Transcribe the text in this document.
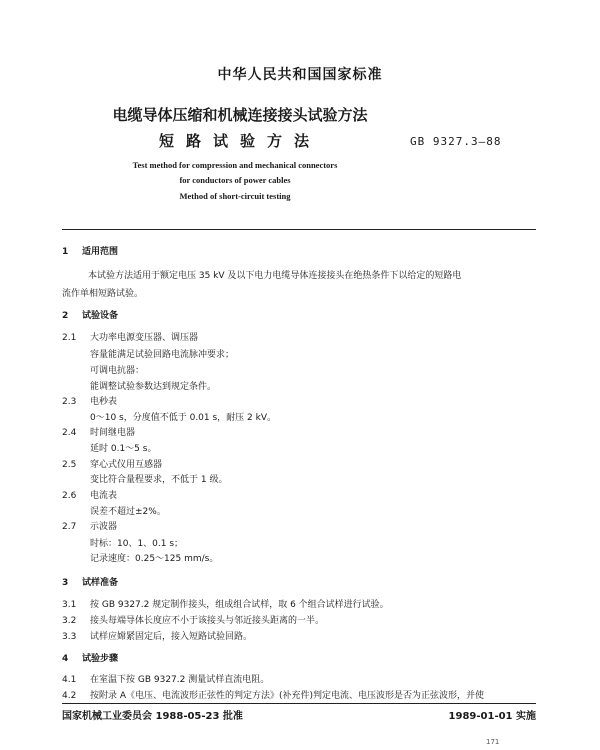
中华人民共和国国家标准
电缆导体压缩和机械连接接头试验方法
短路试验方法	GB 9327.3—88
Test method for compression and mechanical connectors
for conductors of power cables
Method of short-circuit testing
1 适用范围
本试验方法适用于额定电压 35 kV 及以下电力电缆导体连接接头在绝热条件下以给定的短路电
流作单相短路试验。
2 试验设备
2.1 大功率电源变压器、调压器
容量能满足试验回路电流脉冲要求；
可调电抗器：
能调整试验参数达到规定条件。
2.3 电秒表
0～10 s，分度值不低于 0.01 s，耐压 2 kV。
2.4 时间继电器
延时 0.1～5 s。
2.5 穿心式仪用互感器
变比符合量程要求，不低于 1 级。
2.6 电流表
误差不超过±2%。
2.7 示波器
时标：10、1、0.1 s；
记录速度：0.25～125 mm/s。
3 试样准备
3.1 按 GB 9327.2 规定制作接头，组成组合试样，取 6 个组合试样进行试验。
3.2 接头每端导体长度应不小于该接头与邻近接头距离的一半。
3.3 试样应嫦紧固定后，接入短路试验回路。
4 试验步骤
4.1 在室温下按 GB 9327.2 测量试样直流电阻。
4.2 按附录 A《电压、电流波形正弦性的判定方法》(补充件)判定电流、电压波形是否为正弦波形，并使
国家机械工业委员会 1988-05-23 批准	1989-01-01 实施
171
